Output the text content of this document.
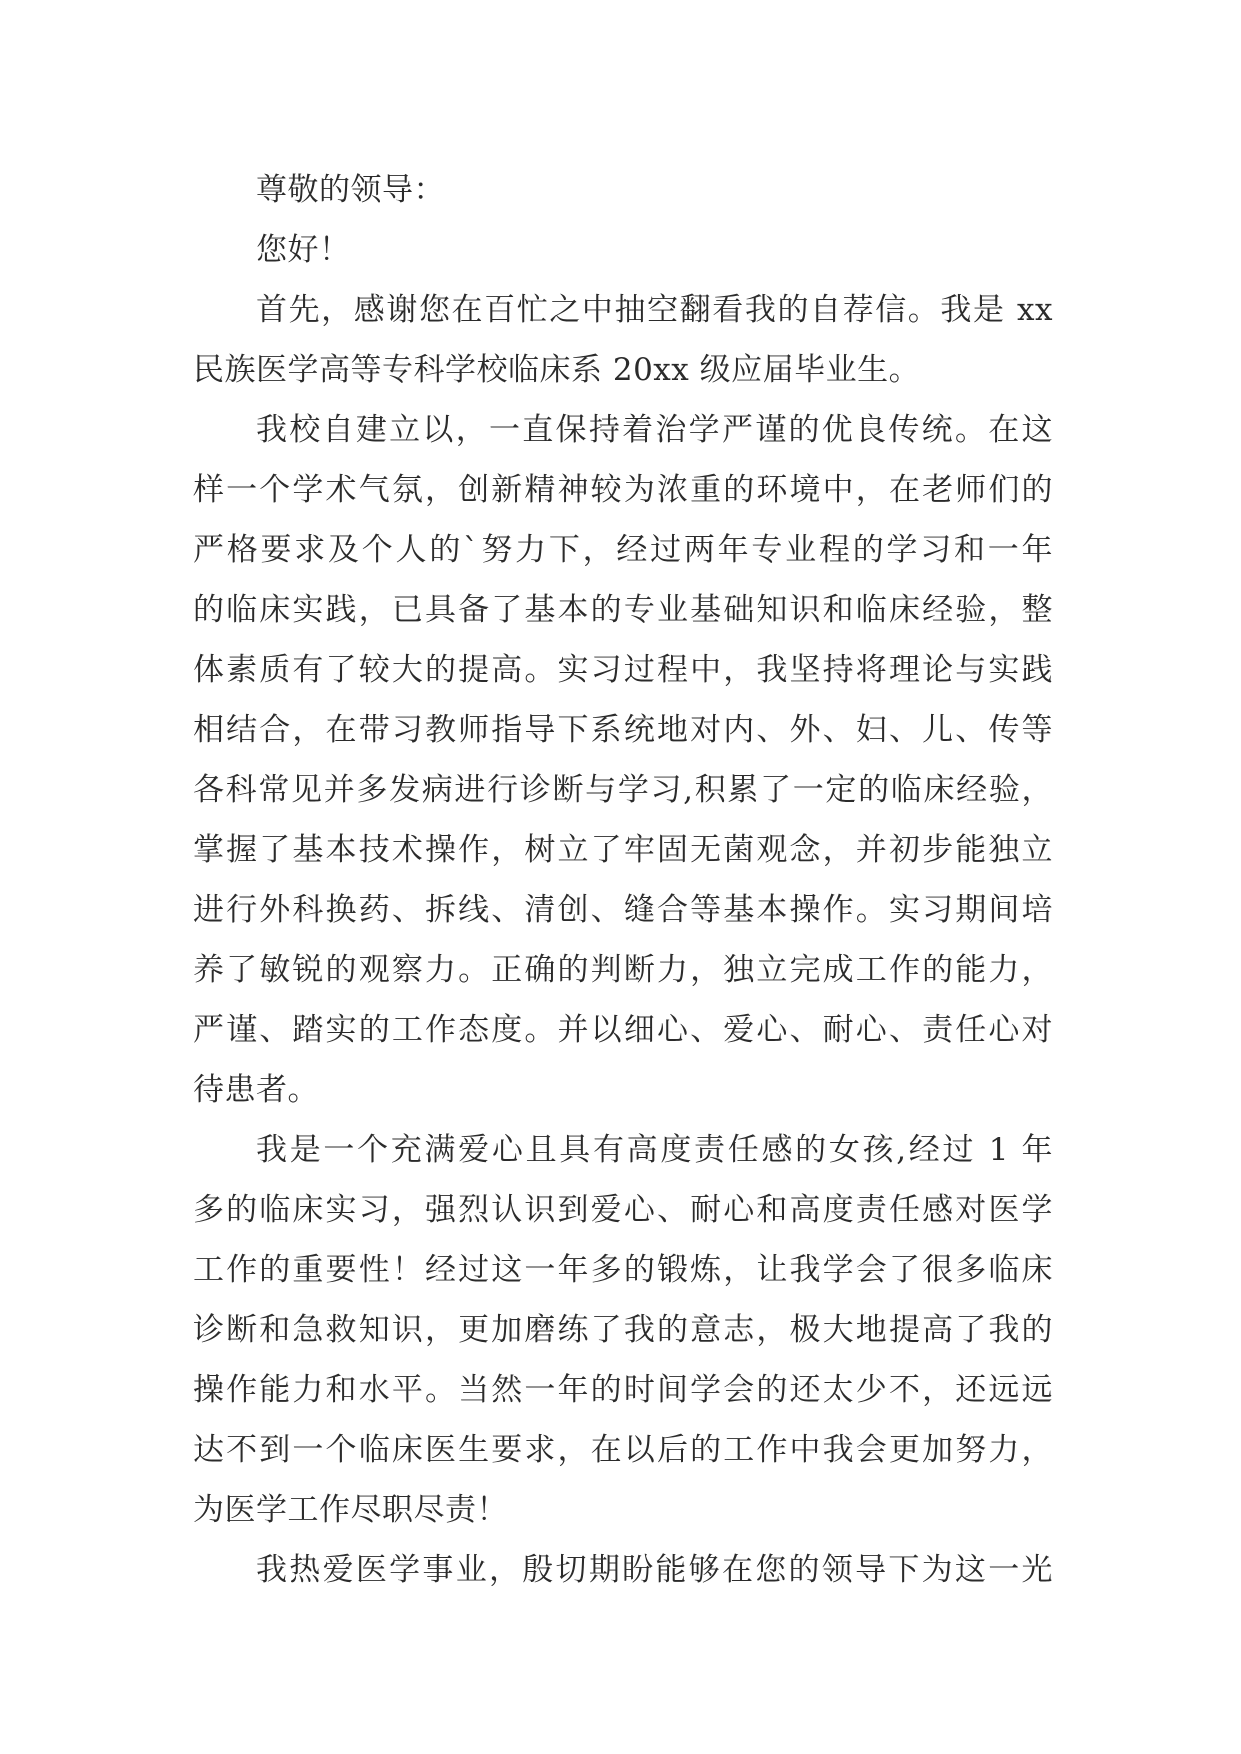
尊敬的领导：
您好！
首先，感谢您在百忙之中抽空翻看我的自荐信。我是 xx
民族医学高等专科学校临床系 20xx 级应届毕业生。
我校自建立以，一直保持着治学严谨的优良传统。在这
样一个学术气氛，创新精神较为浓重的环境中，在老师们的
严格要求及个人的`努力下，经过两年专业程的学习和一年
的临床实践，已具备了基本的专业基础知识和临床经验，整
体素质有了较大的提高。实习过程中，我坚持将理论与实践
相结合，在带习教师指导下系统地对内、外、妇、儿、传等
各科常见并多发病进行诊断与学习,积累了一定的临床经验，
掌握了基本技术操作，树立了牢固无菌观念，并初步能独立
进行外科换药、拆线、清创、缝合等基本操作。实习期间培
养了敏锐的观察力。正确的判断力，独立完成工作的能力，
严谨、踏实的工作态度。并以细心、爱心、耐心、责任心对
待患者。
我是一个充满爱心且具有高度责任感的女孩,经过 1 年
多的临床实习，强烈认识到爱心、耐心和高度责任感对医学
工作的重要性！经过这一年多的锻炼，让我学会了很多临床
诊断和急救知识，更加磨练了我的意志，极大地提高了我的
操作能力和水平。当然一年的时间学会的还太少不，还远远
达不到一个临床医生要求，在以后的工作中我会更加努力，
为医学工作尽职尽责！
我热爱医学事业，殷切期盼能够在您的领导下为这一光
